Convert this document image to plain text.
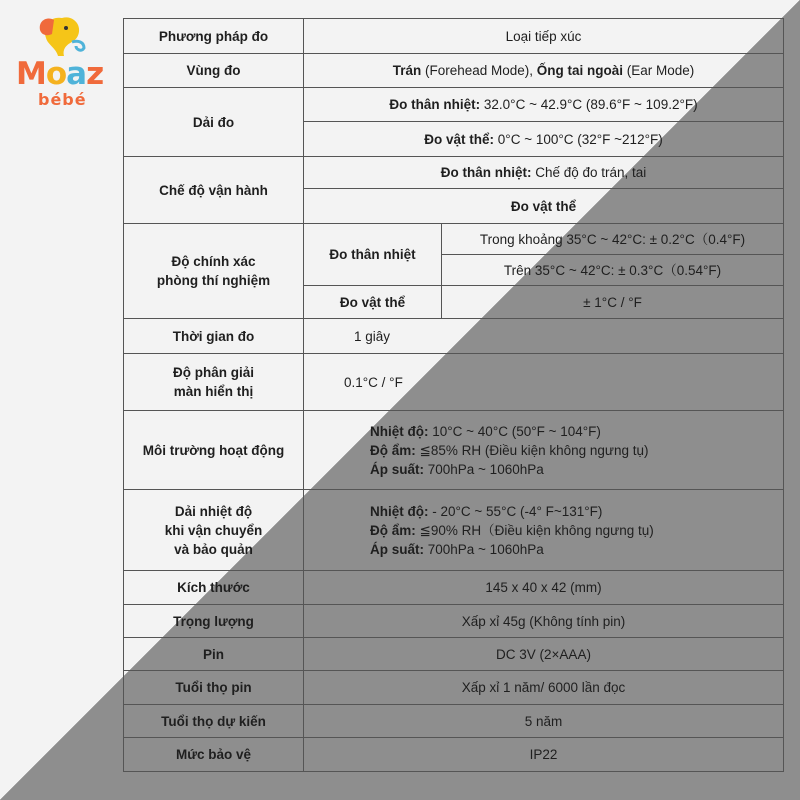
Moaz
bébé
Phương pháp đo	Loại tiếp xúc	
Vùng đo	Trán (Forehead Mode), Ống tai ngoài (Ear Mode)	
Dải đo	Đo thân nhiệt: 32.0°C ~ 42.9°C (89.6°F ~ 109.2°F)	
	Đo vật thể: 0°C ~ 100°C (32°F ~212°F)	
Chế độ vận hành	Đo thân nhiệt: Chế độ đo trán, tai	
	Đo vật thể	

Độ chính xác
phòng thí nghiệm	Đo thân nhiệt	Trong khoảng 35°C ~ 42°C: ± 0.2°C（0.4°F)
		Trên 35°C ~ 42°C: ± 0.3°C（0.54°F)
	Đo vật thể	± 1°C / °F
Thời gian đo	1 giây	

Độ phân giải
màn hiển thị	0.1°C / °F	
Môi trường hoạt động	Nhiệt độ: 10°C ~ 40°C (50°F ~ 104°F)
Độ ẩm: ≦85% RH (Điều kiện không ngưng tụ)
Áp suất: 700hPa ~ 1060hPa	

Dải nhiệt độ
khi vận chuyển
và bảo quản	Nhiệt độ: - 20°C ~ 55°C (-4° F~131°F)
Độ ẩm: ≦90% RH（Điều kiện không ngưng tụ)
Áp suất: 700hPa ~ 1060hPa	

Kích thước	145 x 40 x 42 (mm)	
Trọng lượng	Xấp xỉ 45g (Không tính pin)	
Pin	DC 3V (2×AAA)	
Tuổi thọ pin	Xấp xỉ 1 năm/ 6000 lần đọc	
Tuổi thọ dự kiến	5 năm	
Mức bảo vệ	IP22	
